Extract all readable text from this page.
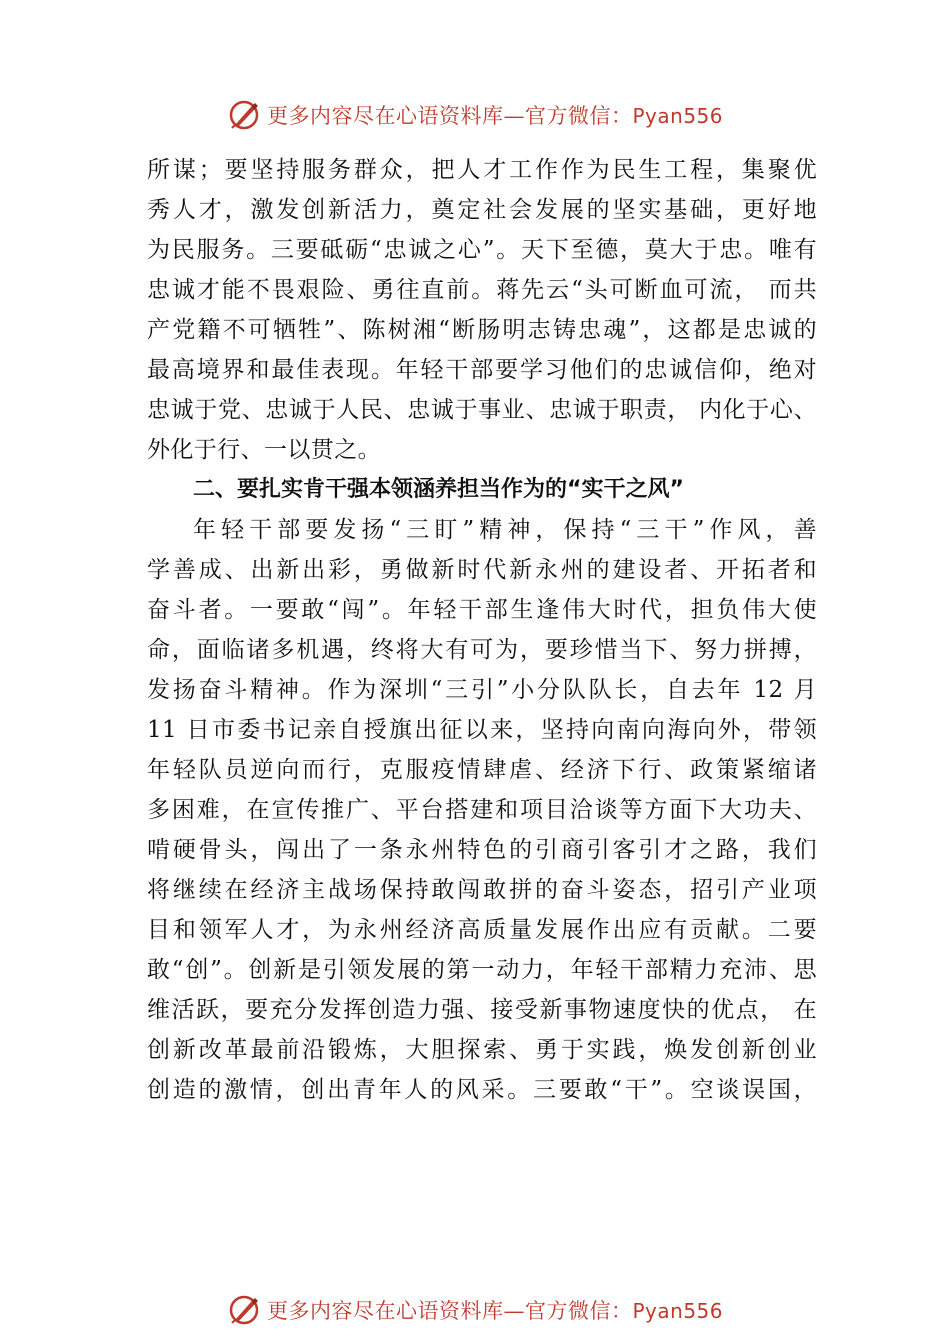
更多内容尽在心语资料库—官方微信：Pyan556
所谋；要坚持服务群众，把人才工作作为民生工程，集聚优
秀人才，激发创新活力，奠定社会发展的坚实基础，更好地
为民服务。三要砥砺“忠诚之心”。天下至德，莫大于忠。唯有
忠诚才能不畏艰险、勇往直前。蒋先云“头可断血可流， 而共
产党籍不可牺牲”、陈树湘“断肠明志铸忠魂”，这都是忠诚的
最高境界和最佳表现。年轻干部要学习他们的忠诚信仰，绝对
忠诚于党、忠诚于人民、忠诚于事业、忠诚于职责， 内化于心、
外化于行、一以贯之。
二、要扎实肯干强本领涵养担当作为的“实干之风”
年轻干部要发扬“三盯”精神，保持“三干”作风，善
学善成、出新出彩，勇做新时代新永州的建设者、开拓者和
奋斗者。一要敢“闯”。年轻干部生逢伟大时代，担负伟大使
命，面临诸多机遇，终将大有可为，要珍惜当下、努力拼搏，
发扬奋斗精神。作为深圳“三引”小分队队长，自去年 12 月
11 日市委书记亲自授旗出征以来，坚持向南向海向外，带领
年轻队员逆向而行，克服疫情肆虐、经济下行、政策紧缩诸
多困难，在宣传推广、平台搭建和项目洽谈等方面下大功夫、
啃硬骨头，闯出了一条永州特色的引商引客引才之路，我们
将继续在经济主战场保持敢闯敢拼的奋斗姿态，招引产业项
目和领军人才，为永州经济高质量发展作出应有贡献。二要
敢“创”。创新是引领发展的第一动力，年轻干部精力充沛、思
维活跃，要充分发挥创造力强、接受新事物速度快的优点， 在
创新改革最前沿锻炼，大胆探索、勇于实践，焕发创新创业
创造的激情，创出青年人的风采。三要敢“干”。空谈误国，
更多内容尽在心语资料库—官方微信：Pyan556
